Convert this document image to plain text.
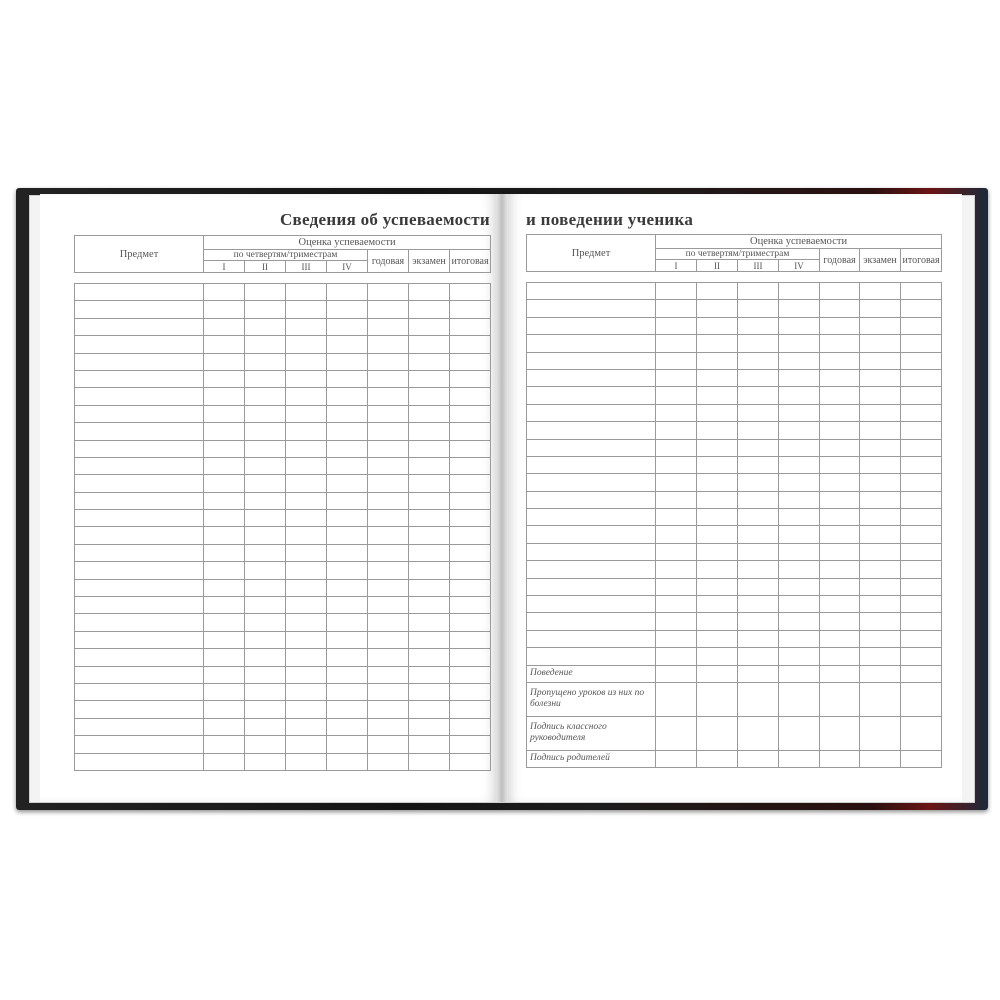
Сведения об успеваемости и поведении ученика
Предмет	Оценка успеваемости						
	по четвертям/триместрам				годовая	экзамен	итоговая
	I	II	III	IV			

Предмет	Оценка успеваемости						
	по четвертям/триместрам				годовая	экзамен	итоговая
	I	II	III	IV			

Поведение							
Пропущено уроков из них по болезни							
Подпись классного руководителя							
Подпись родителей							
